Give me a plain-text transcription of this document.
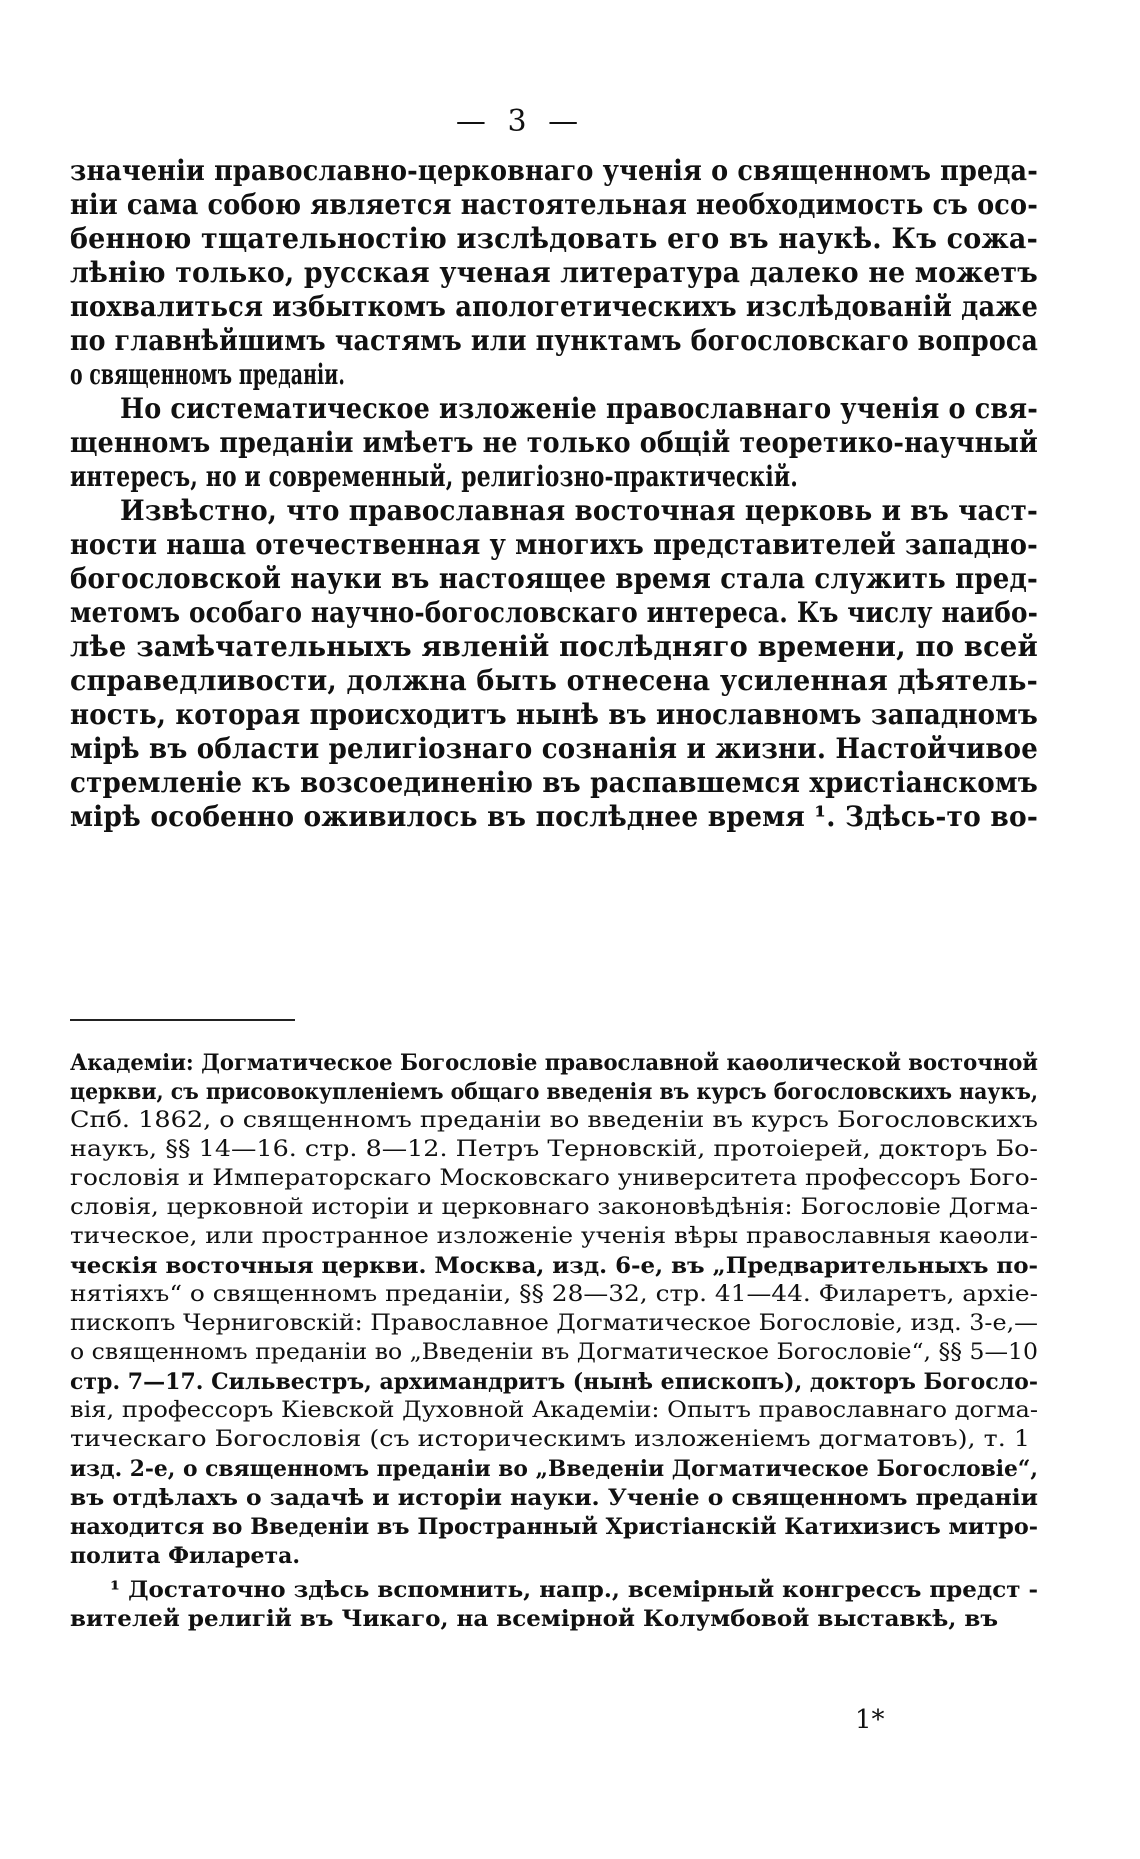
— 3 —
значенiи православно-церковнаго ученiя о священномъ преда-
нiи сама собою является настоятельная необходимость съ осо-
бенною тщательностiю изслѣдовать его въ наукѣ. Къ сожа-
лѣнiю только, русская ученая литература далеко не можетъ
похвалиться избыткомъ апологетическихъ изслѣдованiй даже
по главнѣйшимъ частямъ или пунктамъ богословскаго вопроса
о священномъ преданiи.
Но систематическое изложенiе православнаго ученiя о свя-
щенномъ преданiи имѣетъ не только общiй теоретико-научный
интересъ, но и современный, религiозно-практическiй.
Извѣстно, что православная восточная церковь и въ част-
ности наша отечественная у многихъ представителей западно-
богословской науки въ настоящее время стала служить пред-
метомъ особаго научно-богословскаго интереса. Къ числу наибо-
лѣе замѣчательныхъ явленiй послѣдняго времени, по всей
справедливости, должна быть отнесена усиленная дѣятель-
ность, которая происходитъ нынѣ въ инославномъ западномъ
мiрѣ въ области религiознаго сознанiя и жизни. Настойчивое
стремленiе къ возсоединенiю въ распавшемся христiанскомъ
мiрѣ особенно оживилось въ послѣднее время ¹. Здѣсь-то во-
Академiи: Догматическое Богословiе православной каѳолической восточной
церкви, съ присовокупленiемъ общаго введенiя въ курсъ богословскихъ наукъ,
Спб. 1862, о священномъ преданiи во введенiи въ курсъ Богословскихъ
наукъ, §§ 14—16. стр. 8—12. Петръ Терновскiй, протоiерей, докторъ Бо-
гословiя и Императорскаго Московскаго университета профессоръ Бого-
словiя, церковной исторiи и церковнаго законовѣдѣнiя: Богословiе Догма-
тическое, или пространное изложенiе ученiя вѣры православныя каѳоли-
ческiя восточныя церкви. Москва, изд. 6-е, въ „Предварительныхъ по-
нятiяхъ“ о священномъ преданiи, §§ 28—32, стр. 41—44. Филаретъ, архiе-
пископъ Черниговскiй: Православное Догматическое Богословiе, изд. 3-е,—
о священномъ преданiи во „Введенiи въ Догматическое Богословiе“, §§ 5—10
стр. 7—17. Сильвестръ, архимандритъ (нынѣ епископъ), докторъ Богосло-
вiя, профессоръ Кiевской Духовной Академiи: Опытъ православнаго догма-
тическаго Богословiя (съ историческимъ изложенiемъ догматовъ), т. 1
изд. 2-е, о священномъ преданiи во „Введенiи Догматическое Богословiе“,
въ отдѣлахъ о задачѣ и исторiи науки. Ученiе о священномъ преданiи
находится во Введенiи въ Пространный Христiанскiй Катихизисъ митро-
полита Филарета.
¹ Достаточно здѣсь вспомнить, напр., всемiрный конгрессъ предст -
вителей религiй въ Чикаго, на всемiрной Колумбовой выставкѣ, въ
1*
